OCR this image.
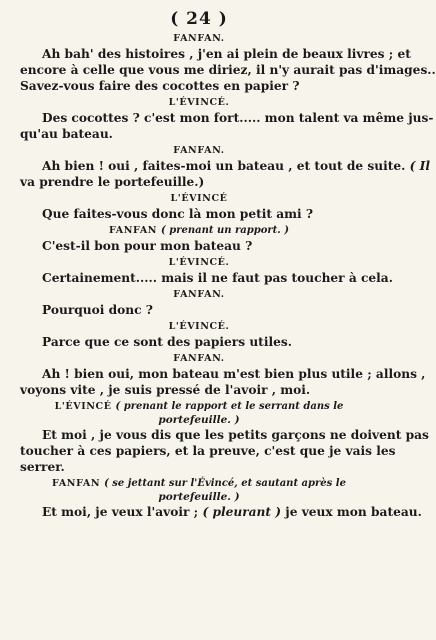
( 24 )
FANFAN.
Ah bah' des histoires , j'en ai plein de beaux livres ; et
encore à celle que vous me diriez, il n'y aurait pas d'images..
Savez-vous faire des cocottes en papier ?
L'ÉVINCÉ.
Des cocottes ? c'est mon fort..... mon talent va même jus-
qu'au bateau.
FANFAN.
Ah bien ! oui , faites-moi un bateau , et tout de suite. ( Il
va prendre le portefeuille.)
L'ÉVINCÉ
Que faites-vous donc là mon petit ami ?
FANFAN ( prenant un rapport. )
C'est-il bon pour mon bateau ?
L'ÉVINCÉ.
Certainement..... mais il ne faut pas toucher à cela.
FANFAN.
Pourquoi donc ?
L'ÉVINCÉ.
Parce que ce sont des papiers utiles.
FANFAN.
Ah ! bien oui, mon bateau m'est bien plus utile ; allons ,
voyons vite , je suis pressé de l'avoir , moi.
L'ÉVINCÉ ( prenant le rapport et le serrant dans le
portefeuille. )
Et moi , je vous dis que les petits garçons ne doivent pas
toucher à ces papiers, et la preuve, c'est que je vais les
serrer.
FANFAN ( se jettant sur l'Évincé, et sautant après le
portefeuille. )
Et moi, je veux l'avoir ; ( pleurant ) je veux mon bateau.
